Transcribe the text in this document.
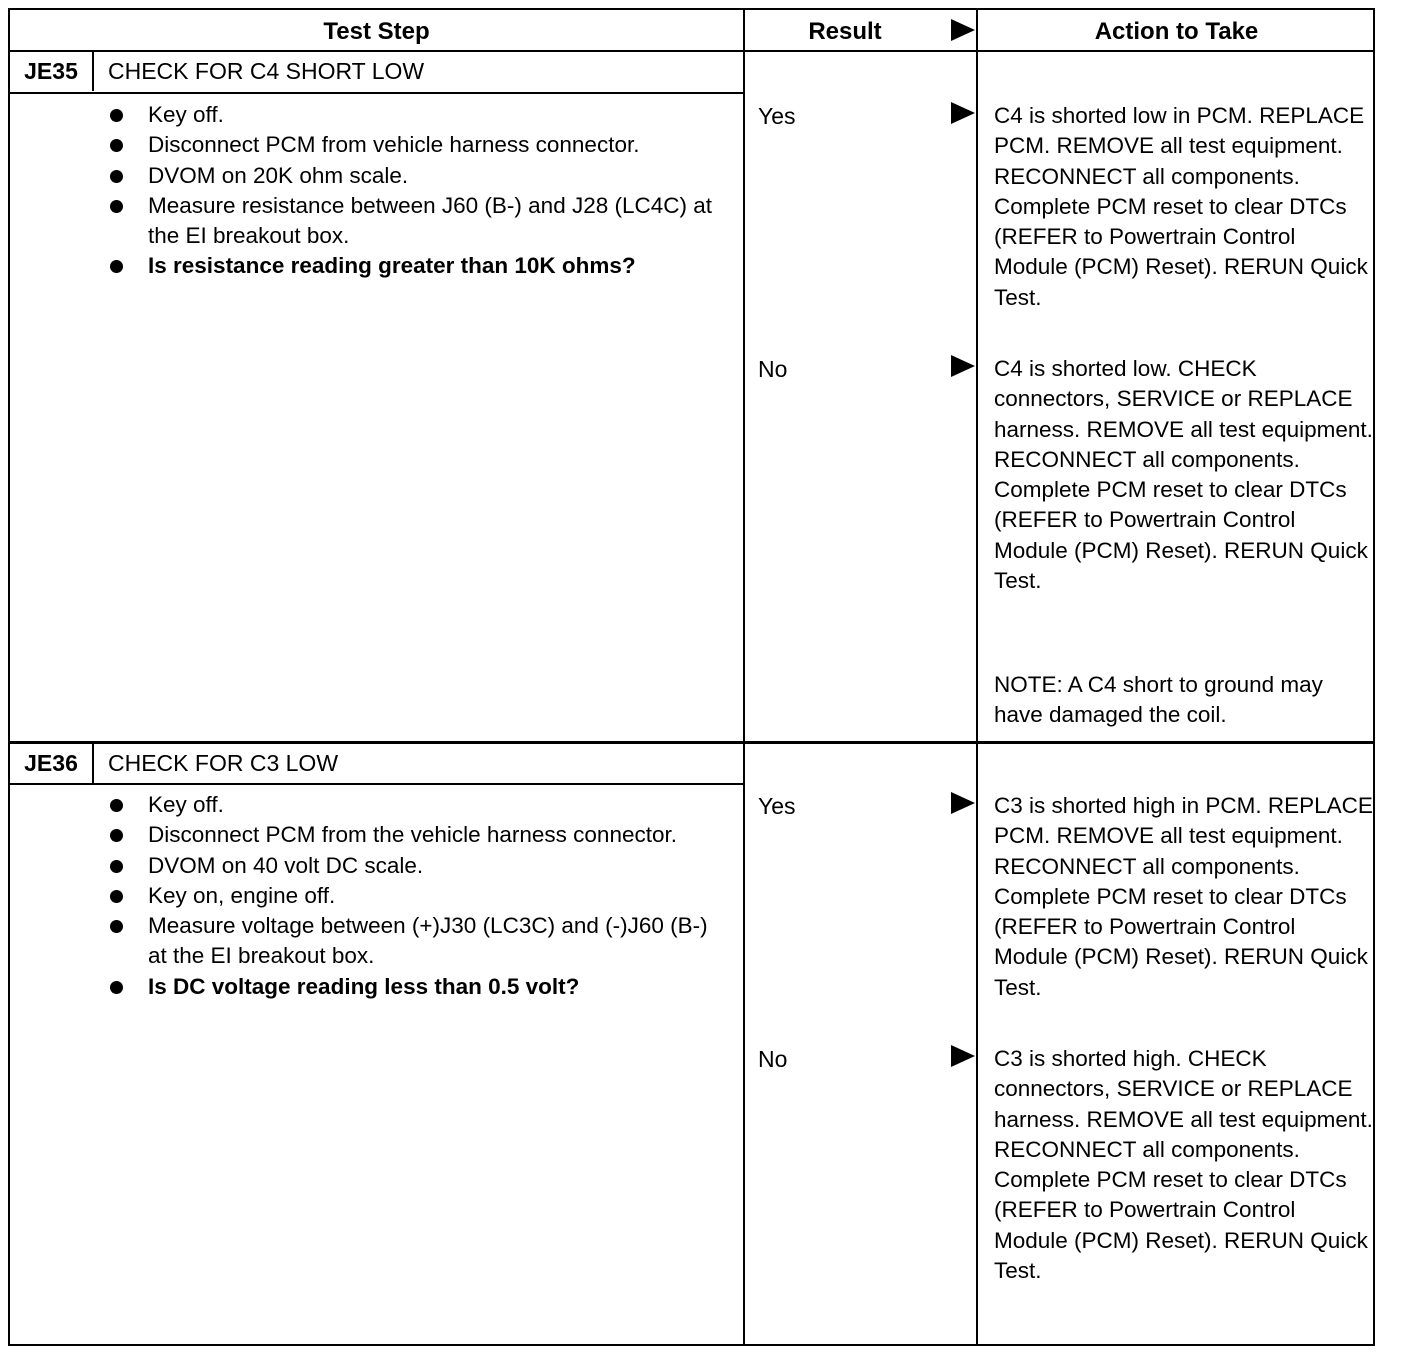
Test Step	Result	Action to Take
JE35	CHECK FOR C4 SHORT LOW
Key off.
Disconnect PCM from vehicle harness connector.
DVOM on 20K ohm scale.
Measure resistance between J60 (B-) and J28 (LC4C) at the EI breakout box.
Is resistance reading greater than 10K ohms?
Yes	C4 is shorted low in PCM. REPLACE PCM. REMOVE all test equipment. RECONNECT all components. Complete PCM reset to clear DTCs (REFER to Powertrain Control Module (PCM) Reset). RERUN Quick Test.
No	C4 is shorted low. CHECK connectors, SERVICE or REPLACE harness. REMOVE all test equipment. RECONNECT all components. Complete PCM reset to clear DTCs (REFER to Powertrain Control Module (PCM) Reset). RERUN Quick Test.
NOTE: A C4 short to ground may have damaged the coil.
JE36	CHECK FOR C3 LOW
Key off.
Disconnect PCM from the vehicle harness connector.
DVOM on 40 volt DC scale.
Key on, engine off.
Measure voltage between (+)J30 (LC3C) and (-)J60 (B-) at the EI breakout box.
Is DC voltage reading less than 0.5 volt?
Yes	C3 is shorted high in PCM. REPLACE PCM. REMOVE all test equipment. RECONNECT all components. Complete PCM reset to clear DTCs (REFER to Powertrain Control Module (PCM) Reset). RERUN Quick Test.
No	C3 is shorted high. CHECK connectors, SERVICE or REPLACE harness. REMOVE all test equipment. RECONNECT all components. Complete PCM reset to clear DTCs (REFER to Powertrain Control Module (PCM) Reset). RERUN Quick Test.
